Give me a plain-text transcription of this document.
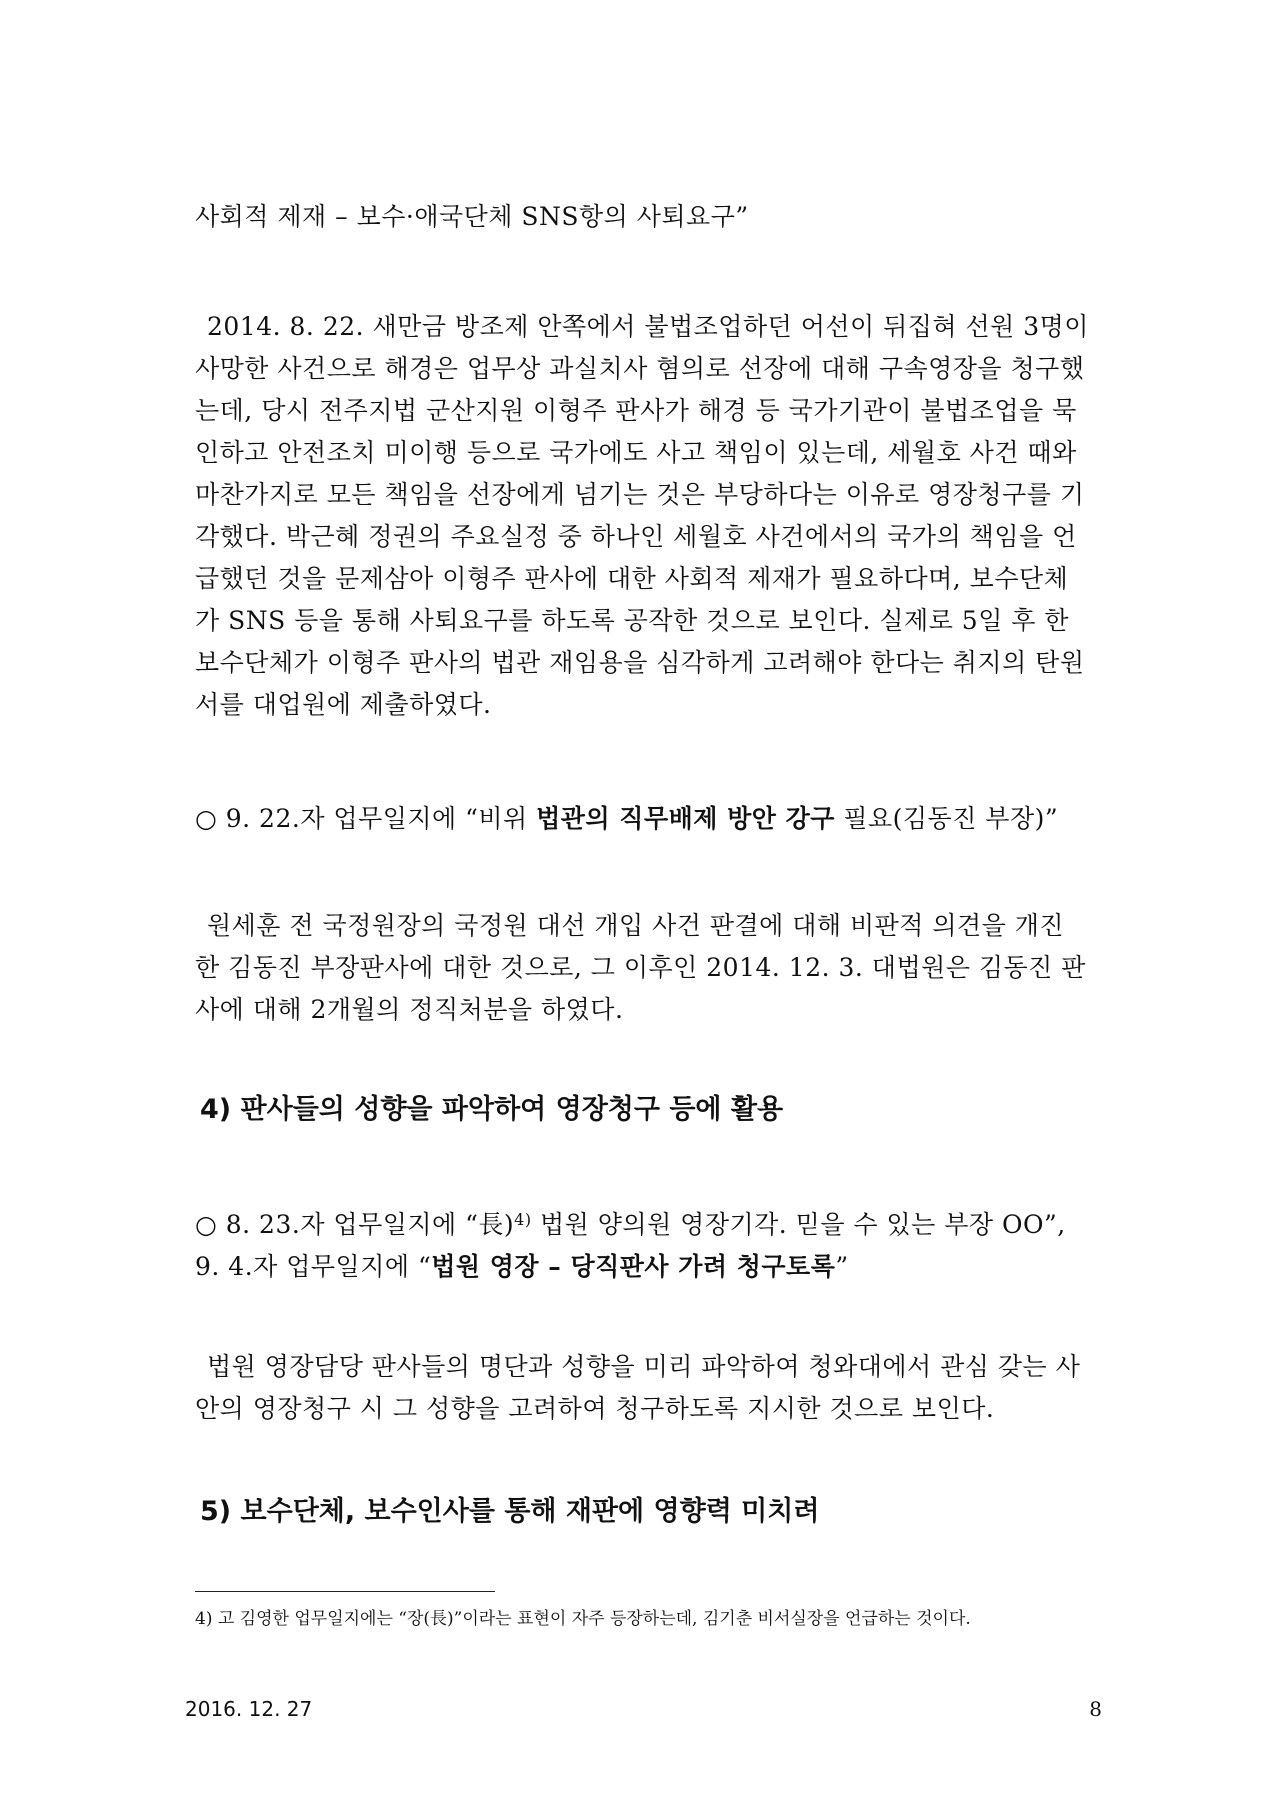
사회적 제재 – 보수·애국단체 SNS항의 사퇴요구”
2014. 8. 22. 새만금 방조제 안쪽에서 불법조업하던 어선이 뒤집혀 선원 3명이
사망한 사건으로 해경은 업무상 과실치사 혐의로 선장에 대해 구속영장을 청구했
는데, 당시 전주지법 군산지원 이형주 판사가 해경 등 국가기관이 불법조업을 묵
인하고 안전조치 미이행 등으로 국가에도 사고 책임이 있는데, 세월호 사건 때와
마찬가지로 모든 책임을 선장에게 넘기는 것은 부당하다는 이유로 영장청구를 기
각했다. 박근혜 정권의 주요실정 중 하나인 세월호 사건에서의 국가의 책임을 언
급했던 것을 문제삼아 이형주 판사에 대한 사회적 제재가 필요하다며, 보수단체
가 SNS 등을 통해 사퇴요구를 하도록 공작한 것으로 보인다. 실제로 5일 후 한
보수단체가 이형주 판사의 법관 재임용을 심각하게 고려해야 한다는 취지의 탄원
서를 대업원에 제출하였다.
○ 9. 22.자 업무일지에 “비위 법관의 직무배제 방안 강구 필요(김동진 부장)”
원세훈 전 국정원장의 국정원 대선 개입 사건 판결에 대해 비판적 의견을 개진
한 김동진 부장판사에 대한 것으로, 그 이후인 2014. 12. 3. 대법원은 김동진 판
사에 대해 2개월의 정직처분을 하였다.
4) 판사들의 성향을 파악하여 영장청구 등에 활용
○ 8. 23.자 업무일지에 “長)$^{4)}$ 법원 양의원 영장기각. 믿을 수 있는 부장 OO”,
9. 4.자 업무일지에 “법원 영장 – 당직판사 가려 청구토록”
법원 영장담당 판사들의 명단과 성향을 미리 파악하여 청와대에서 관심 갖는 사
안의 영장청구 시 그 성향을 고려하여 청구하도록 지시한 것으로 보인다.
5) 보수단체, 보수인사를 통해 재판에 영향력 미치려
4) 고 김영한 업무일지에는 “장(長)”이라는 표현이 자주 등장하는데, 김기춘 비서실장을 언급하는 것이다.
2016. 12. 27	8
